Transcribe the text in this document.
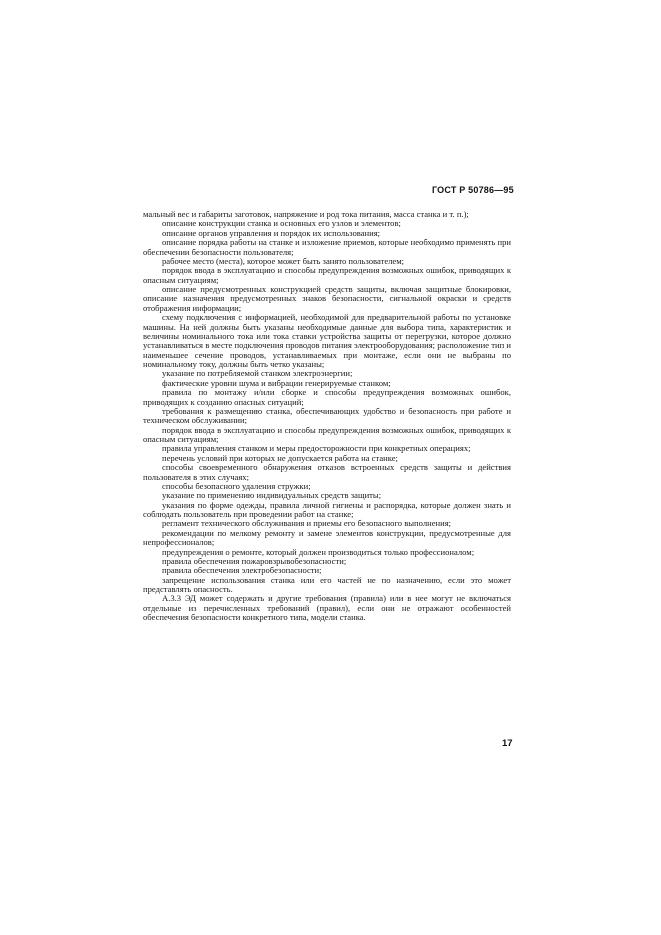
ГОСТ Р 50786—95

мальный вес и габариты заготовок, напряжение и род тока питания, масса станка и т. п.);

описание конструкции станка и основных его узлов и элементов;

описание органов управления и порядок их использования;

описание порядка работы на станке и изложение приемов, которые необходимо применять при обеспечении безопасности пользователя;

рабочее место (места), которое может быть занято пользователем;

порядок ввода в эксплуатацию и способы предупреждения возможных ошибок, приводящих к опасным ситуациям;

описание предусмотренных конструкцией средств защиты, включая защитные блокировки, описание назначения предусмотренных знаков безопасности, сигнальной окраски и средств отображения информации;

схему подключения с информацией, необходимой для предварительной работы по установке машины. На ней должны быть указаны необходимые данные для выбора типа, характеристик и величины номинального тока или тока ставки устройства защиты от перегрузки, которое должно устанавливаться в месте подключения проводов питания электрооборудования; расположение тип и наименьшее сечение проводов, устанавливаемых при монтаже, если они не выбраны по номинальному току, должны быть четко указаны;

указание по потребляемой станком электроэнергии;

фактические уровни шума и вибрации генерируемые станком;

правила по монтажу и/или сборке и способы предупреждения возможных ошибок, приводящих к созданию опасных ситуаций;

требования к размещению станка, обеспечивающих удобство и безопасность при работе и техническом обслуживании;

порядок ввода в эксплуатацию и способы предупреждения возможных ошибок, приводящих к опасным ситуациям;

правила управления станком и меры предосторожности при конкретных операциях;

перечень условий при которых не допускается работа на станке;

способы своевременного обнаружения отказов встроенных средств защиты и действия пользователя в этих случаях;

способы безопасного удаления стружки;

указание по применению индивидуальных средств защиты;

указания по форме одежды, правила личной гигиены и распорядка, которые должен знать и соблюдать пользователь при проведении работ на станке;

регламент технического обслуживания и приемы его безопасного выполнения;

рекомендации по мелкому ремонту и замене элементов конструкции, предусмотренные для непрофессионалов;

предупреждения о ремонте, который должен производиться только профессионалом;

правила обеспечения пожаровзрывобезопасности;

правила обеспечения электробезопасности;

запрещение использования станка или его частей не по назначению, если это может представлять опасность.

А.3.3 ЭД может содержать и другие требования (правила) или в нее могут не включаться отдельные из перечисленных требований (правил), если они не отражают особенностей обеспечения безопасности конкретного типа, модели станка.

17
